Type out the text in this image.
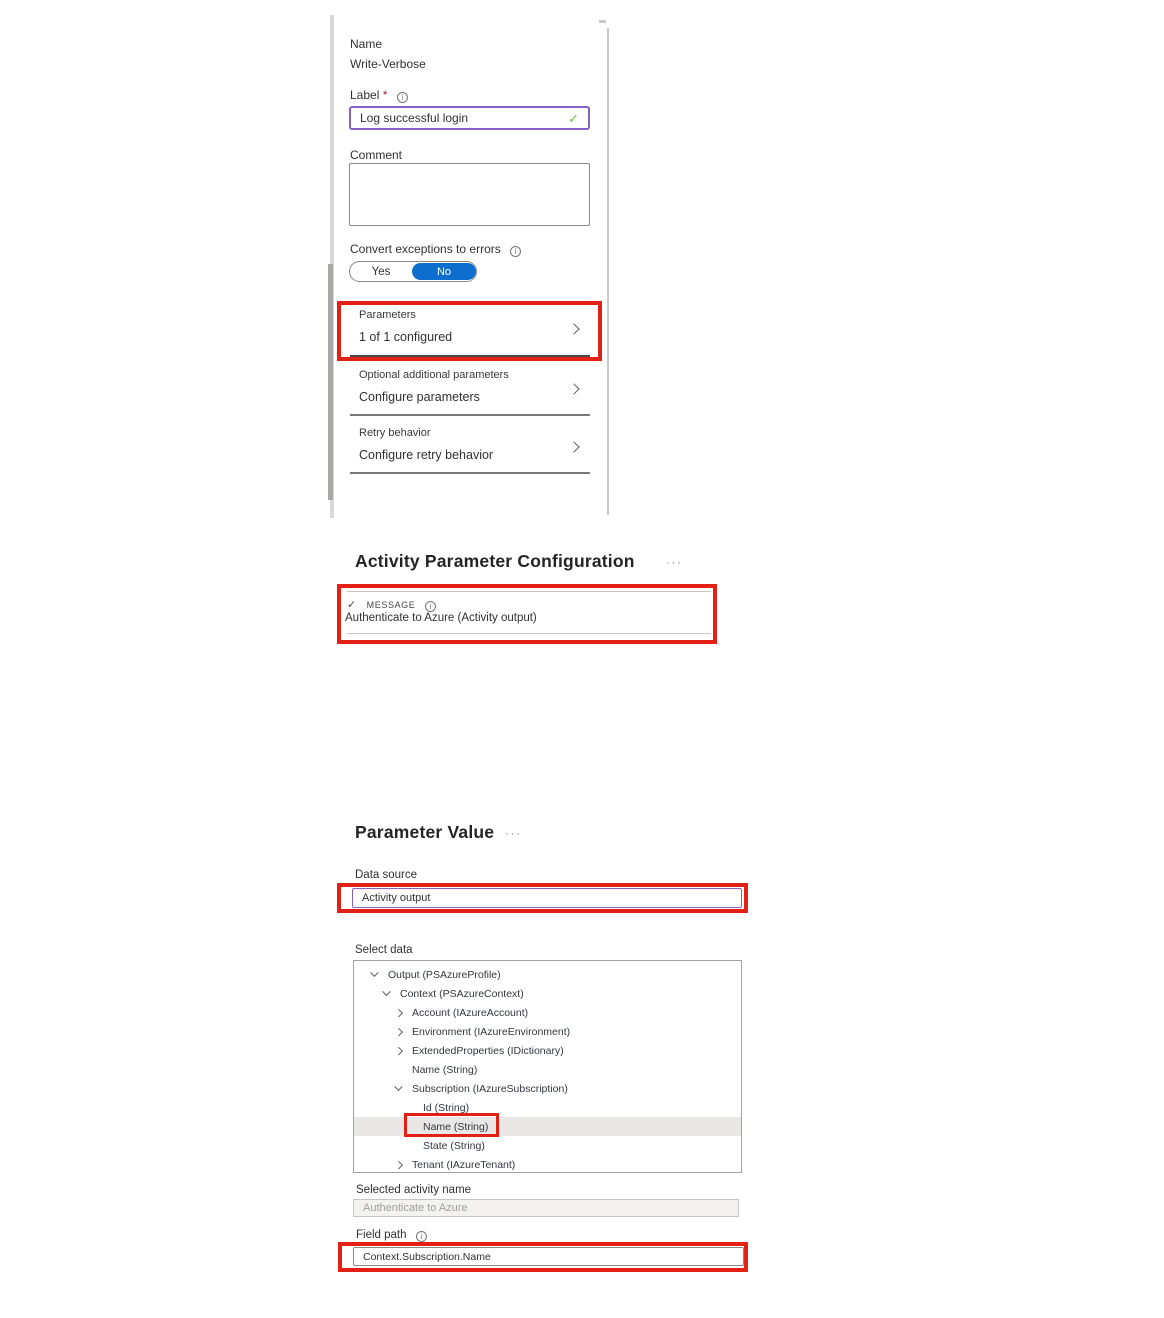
Name
Write-Verbose
Label * i
Log successful login
✓
Comment
Convert exceptions to errors i
Yes	No
Parameters
1 of 1 configured
Optional additional parameters
Configure parameters
Retry behavior
Configure retry behavior
Activity Parameter Configuration	···
✓ MESSAGE i
Authenticate to Azure (Activity output)
Parameter Value ···
Data source
Activity output
Select data
Output (PSAzureProfile)
Context (PSAzureContext)
Account (IAzureAccount)
Environment (IAzureEnvironment)
ExtendedProperties (IDictionary)
Name (String)
Subscription (IAzureSubscription)
Id (String)
Name (String)
State (String)
Tenant (IAzureTenant)
Selected activity name
Authenticate to Azure
Field path i
Context.Subscription.Name
